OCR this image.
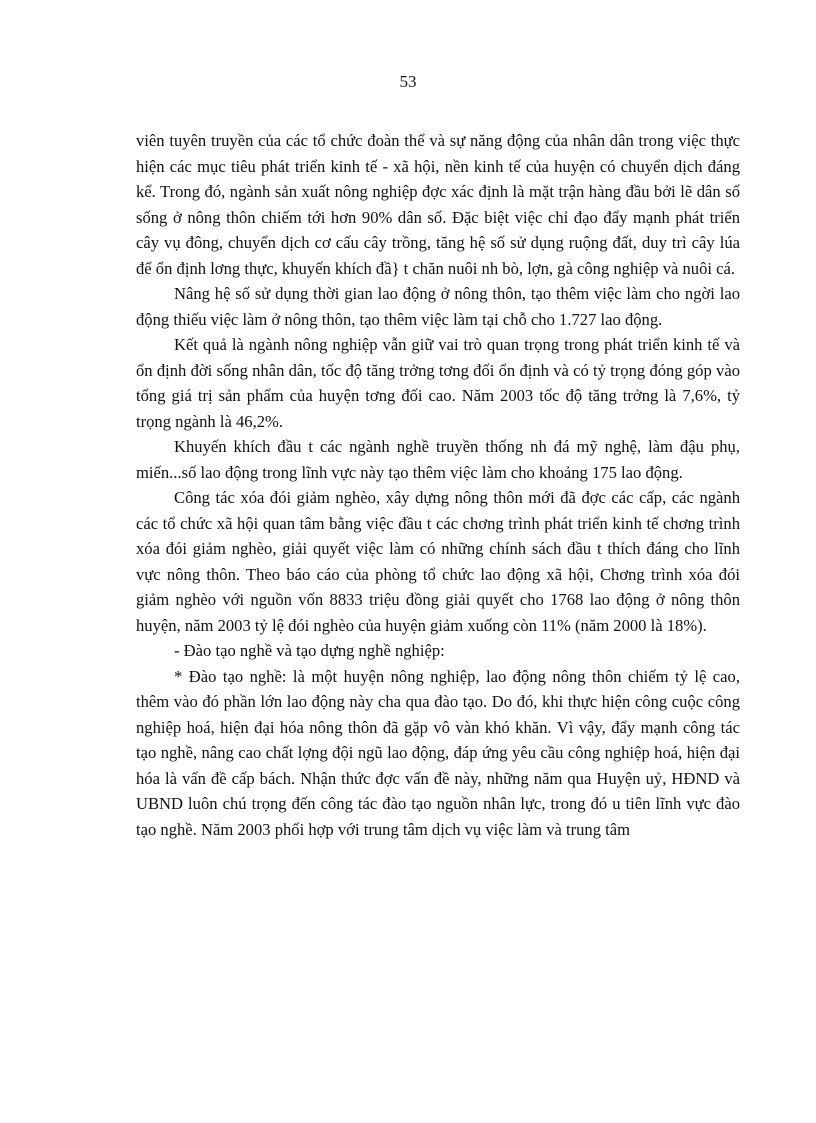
53

viên tuyên truyền của các tổ chức đoàn thể và sự năng động của nhân dân trong việc thực hiện các mục tiêu phát triển kinh tế - xã hội, nền kinh tế của huyện có chuyển dịch đáng kể. Trong đó, ngành sản xuất nông nghiệp đợc xác định là mặt trận hàng đầu bởi lẽ dân số sống ở nông thôn chiếm tới hơn 90% dân số. Đặc biệt việc chỉ đạo đẩy mạnh phát triển cây vụ đông, chuyển dịch cơ cấu cây trồng, tăng hệ số sử dụng ruộng đất, duy trì cây lúa để ổn định lơng thực, khuyến khích đầ} t chăn nuôi nh bò, lợn, gà công nghiệp và nuôi cá.

Nâng hệ số sử dụng thời gian lao động ở nông thôn, tạo thêm việc làm cho ngời lao động thiếu việc làm ở nông thôn, tạo thêm việc làm tại chỗ cho 1.727 lao động.

Kết quả là ngành nông nghiệp vẫn giữ vai trò quan trọng trong phát triển kinh tế và ổn định đời sống nhân dân, tốc độ tăng trởng tơng đối ổn định và có tỷ trọng đóng góp vào tổng giá trị sản phẩm của huyện tơng đối cao. Năm 2003 tốc độ tăng trởng là 7,6%, tỷ trọng ngành là 46,2%.

Khuyến khích đầu t các ngành nghề truyền thống nh đá mỹ nghệ, làm đậu phụ, miến...số lao động trong lĩnh vực này tạo thêm việc làm cho khoảng 175 lao động.

Công tác xóa đói giảm nghèo, xây dựng nông thôn mới đã đợc các cấp, các ngành các tổ chức xã hội quan tâm bằng việc đầu t các chơng trình phát triển kinh tế chơng trình xóa đói giảm nghèo, giải quyết việc làm có những chính sách đầu t thích đáng cho lĩnh vực nông thôn. Theo báo cáo của phòng tổ chức lao động xã hội, Chơng trình xóa đói giảm nghèo với nguồn vốn 8833 triệu đồng giải quyết cho 1768 lao động ở nông thôn huyện, năm 2003 tỷ lệ đói nghèo của huyện giảm xuống còn 11% (năm 2000 là 18%).

- Đào tạo nghề và tạo dựng nghề nghiệp:

* Đào tạo nghề: là một huyện nông nghiệp, lao động nông thôn chiếm tỷ lệ cao, thêm vào đó phần lớn lao động này cha qua đào tạo. Do đó, khi thực hiện công cuộc công nghiệp hoá, hiện đại hóa nông thôn đã gặp vô vàn khó khăn. Vì vậy, đẩy mạnh công tác tạo nghề, nâng cao chất lợng đội ngũ lao động, đáp ứng yêu cầu công nghiệp hoá, hiện đại hóa là vấn đề cấp bách. Nhận thức đợc vấn đề này, những năm qua Huyện uỷ, HĐND và UBND luôn chú trọng đến công tác đào tạo nguồn nhân lực, trong đó u tiên lĩnh vực đào tạo nghề. Năm 2003 phối hợp với trung tâm dịch vụ việc làm và trung tâm
